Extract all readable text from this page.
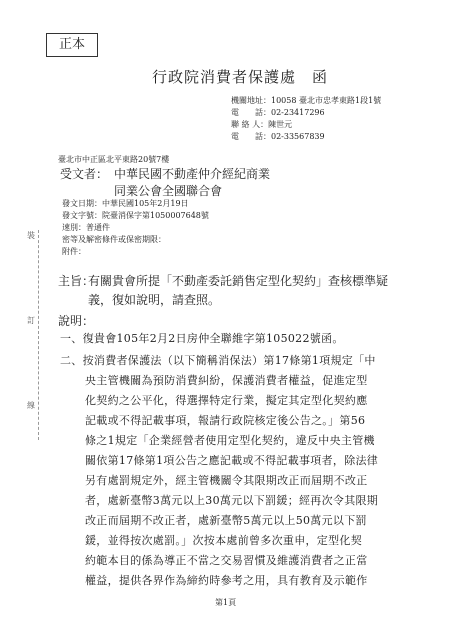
正本
行政院消費者保護處　函
機關地址：10058 臺北市忠孝東路1段1號
電　　話：02-23417296
聯 絡 人：陳世元
電　　話：02-33567839
臺北市中正區北平東路20號7樓
受文者： 中華民國不動產仲介經紀商業
同業公會全國聯合會
發文日期：中華民國105年2月19日
發文字號：院臺消保字第1050007648號
速別：普通件
密等及解密條件或保密期限：
附件：
裝
訂
線
主旨：
有關貴會所提「不動產委託銷售定型化契約」查核標準疑
義，復如說明，請查照。
說明：
一、復貴會105年2月2日房仲全聯維字第105022號函。
二、按消費者保護法（以下簡稱消保法）第17條第1項規定「中
央主管機關為預防消費糾紛，保護消費者權益，促進定型
化契約之公平化，得選擇特定行業，擬定其定型化契約應
記載或不得記載事項，報請行政院核定後公告之。」第56
條之1規定「企業經營者使用定型化契約，違反中央主管機
關依第17條第1項公告之應記載或不得記載事項者，除法律
另有處罰規定外，經主管機關令其限期改正而屆期不改正
者，處新臺幣3萬元以上30萬元以下罰鍰；經再次令其限期
改正而屆期不改正者，處新臺幣5萬元以上50萬元以下罰
鍰，並得按次處罰。」次按本處前曾多次重申，定型化契
約範本目的係為導正不當之交易習慣及維護消費者之正當
權益，提供各界作為締約時參考之用，具有教育及示範作
第1頁
